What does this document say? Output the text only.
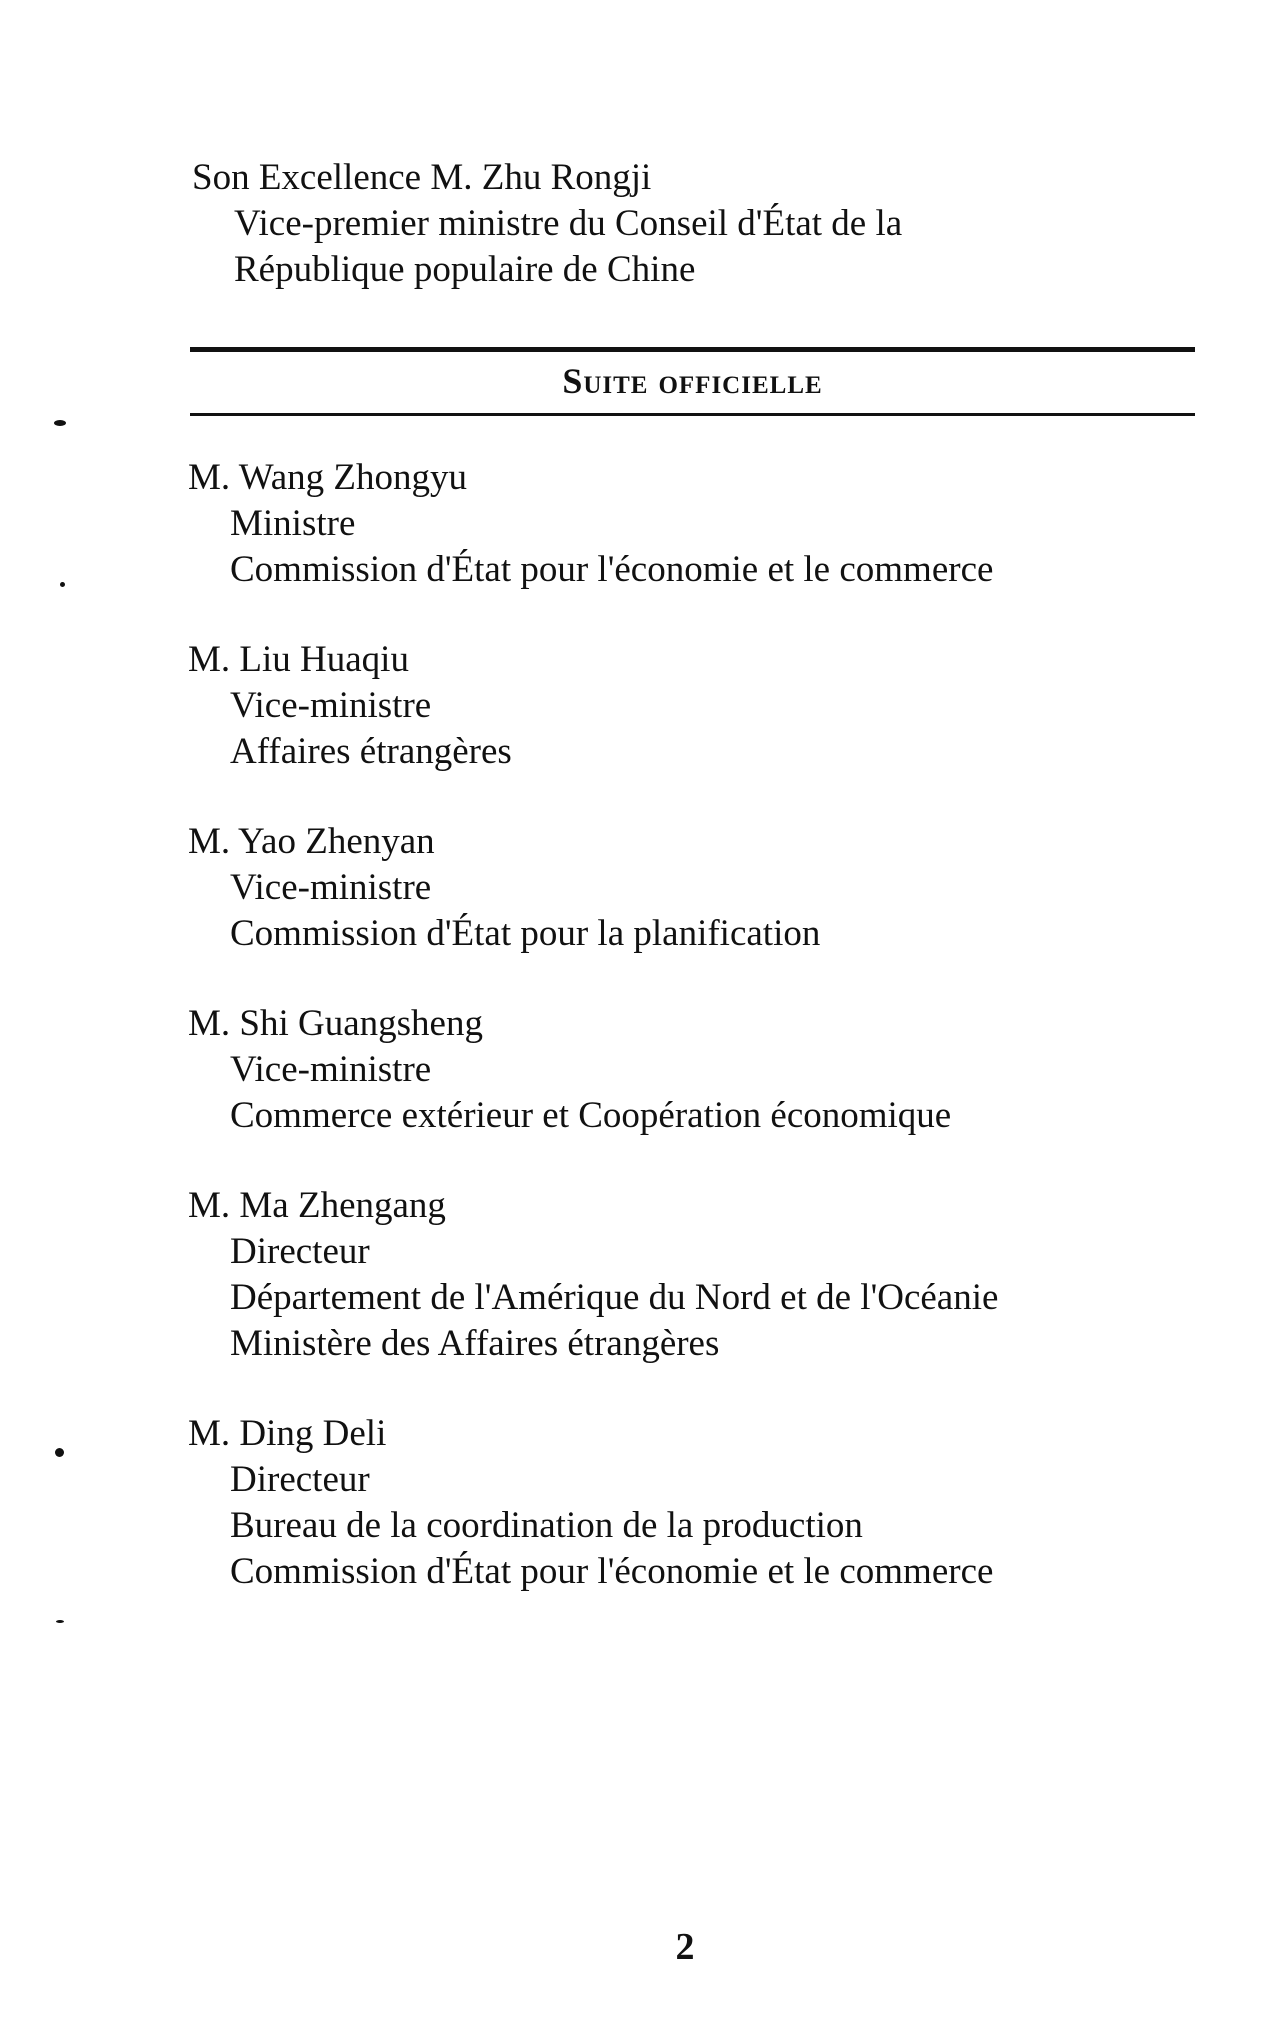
Son Excellence M. Zhu Rongji
Vice-premier ministre du Conseil d'État de la
République populaire de Chine
Suite officielle
M. Wang Zhongyu
Ministre
Commission d'État pour l'économie et le commerce
M. Liu Huaqiu
Vice-ministre
Affaires étrangères
M. Yao Zhenyan
Vice-ministre
Commission d'État pour la planification
M. Shi Guangsheng
Vice-ministre
Commerce extérieur et Coopération économique
M. Ma Zhengang
Directeur
Département de l'Amérique du Nord et de l'Océanie
Ministère des Affaires étrangères
M. Ding Deli
Directeur
Bureau de la coordination de la production
Commission d'État pour l'économie et le commerce
2
